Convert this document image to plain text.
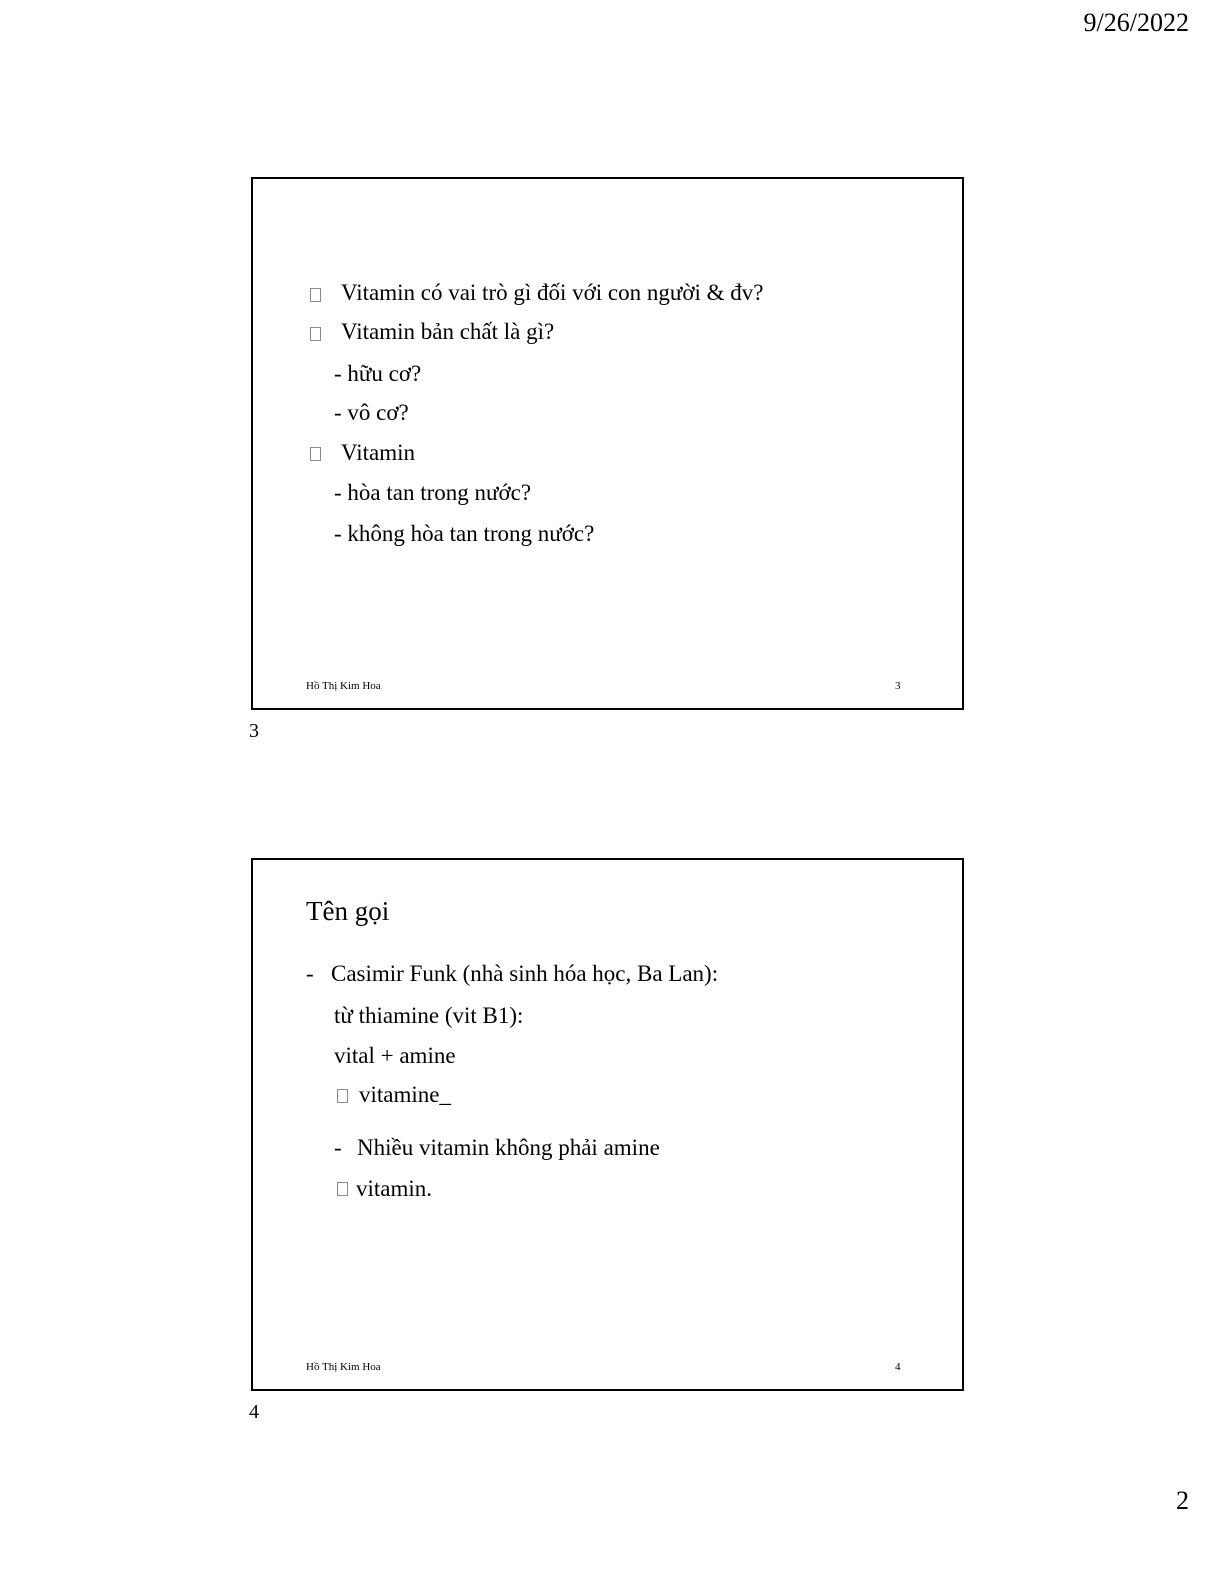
9/26/2022
Vitamin có vai trò gì đối với con người & đv?
Vitamin bản chất là gì?
- hữu cơ?
- vô cơ?
Vitamin
- hòa tan trong nước?
- không hòa tan trong nước?
Hồ Thị Kim Hoa	3
3
Tên gọi
- Casimir Funk (nhà sinh hóa học, Ba Lan):
từ thiamine (vit B1):
vital + amine
vitamine_
- Nhiều vitamin không phải amine
vitamin.
Hồ Thị Kim Hoa	4
4
2
